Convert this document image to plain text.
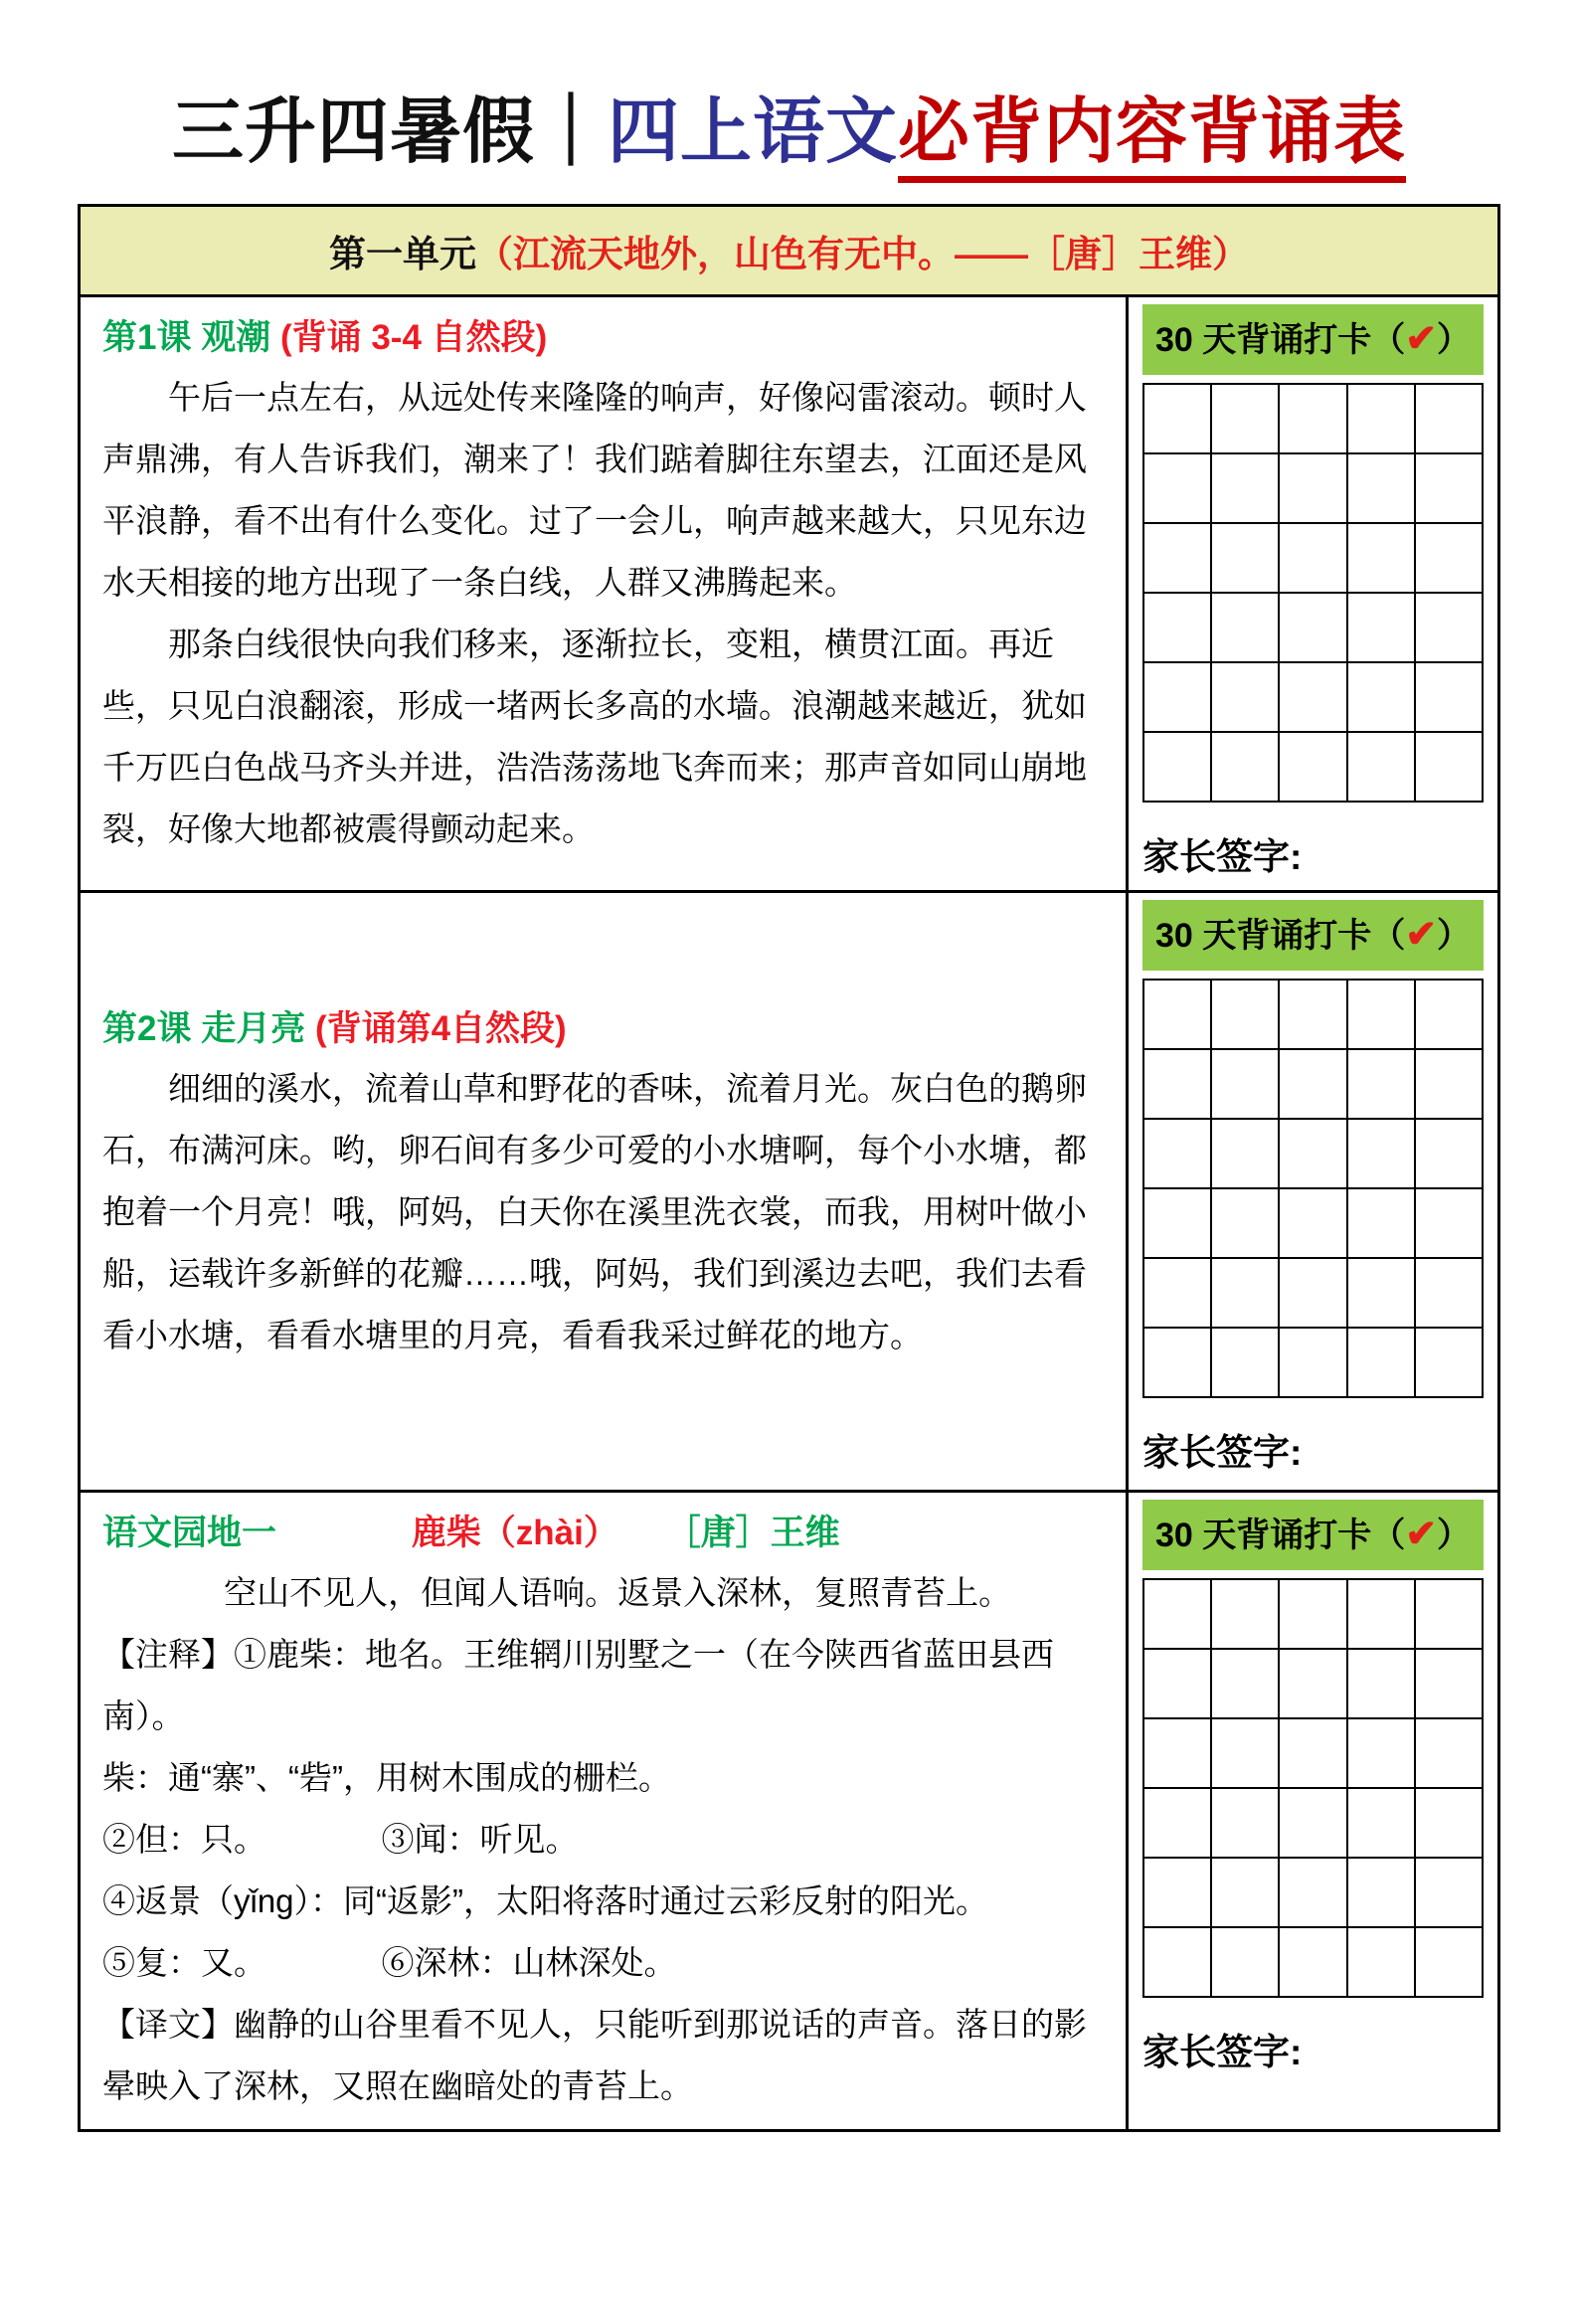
三升四暑假｜四上语文必背内容背诵表
第一单元（江流天地外，山色有无中。——［唐］王维）
第1课 观潮 (背诵 3-4 自然段)

午后一点左右，从远处传来隆隆的响声，好像闷雷滚动。顿时人声鼎沸，有人告诉我们，潮来了！我们踮着脚往东望去，江面还是风平浪静，看不出有什么变化。过了一会儿，响声越来越大，只见东边水天相接的地方出现了一条白线，人群又沸腾起来。

那条白线很快向我们移来，逐渐拉长，变粗，横贯江面。再近些，只见白浪翻滚，形成一堵两长多高的水墙。浪潮越来越近，犹如千万匹白色战马齐头并进，浩浩荡荡地飞奔而来；那声音如同山崩地裂，好像大地都被震得颤动起来。

30 天背诵打卡（✔）
家长签字:
第2课 走月亮 (背诵第4自然段)

细细的溪水，流着山草和野花的香味，流着月光。灰白色的鹅卵石，布满河床。哟，卵石间有多少可爱的小水塘啊，每个小水塘，都抱着一个月亮！哦，阿妈，白天你在溪里洗衣裳，而我，用树叶做小船，运载许多新鲜的花瓣……哦，阿妈，我们到溪边去吧，我们去看看小水塘，看看水塘里的月亮，看看我采过鲜花的地方。

30 天背诵打卡（✔）
家长签字:
语文园地一	鹿柴（zhài） ［唐］王维

空山不见人，但闻人语响。返景入深林，复照青苔上。

【注释】①鹿柴：地名。王维辋川别墅之一（在今陕西省蓝田县西南）。

柴：通“寨”、“砦”，用树木围成的栅栏。

②但：只。　　　　③闻：听见。

④返景（yǐng）：同“返影”，太阳将落时通过云彩反射的阳光。

⑤复：又。　　　　⑥深林：山林深处。

【译文】幽静的山谷里看不见人，只能听到那说话的声音。落日的影晕映入了深林，又照在幽暗处的青苔上。

30 天背诵打卡（✔）
家长签字:
